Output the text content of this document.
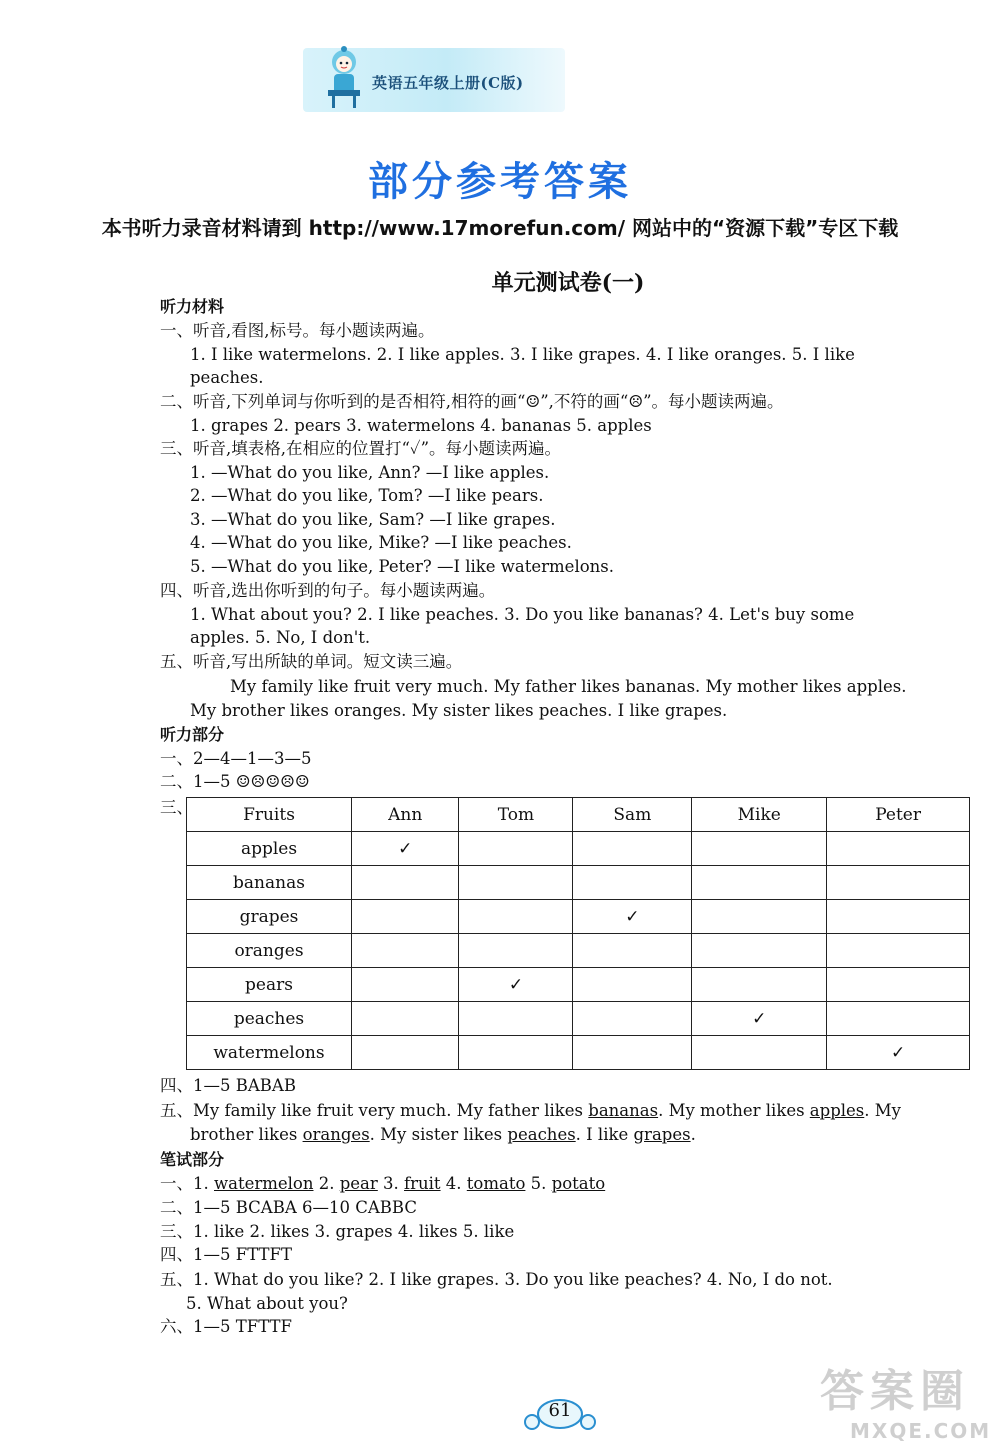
英语五年级上册(C版)
部分参考答案
本书听力录音材料请到 http://www.17morefun.com/ 网站中的“资源下载”专区下载
单元测试卷(一)
听力材料
一、听音,看图,标号。每小题读两遍。
1. I like watermelons. 2. I like apples. 3. I like grapes. 4. I like oranges. 5. I like
peaches.
二、听音,下列单词与你听到的是否相符,相符的画“☺”,不符的画“☹”。每小题读两遍。
1. grapes 2. pears 3. watermelons 4. bananas 5. apples
三、听音,填表格,在相应的位置打“✓”。每小题读两遍。
1. —What do you like, Ann? —I like apples.
2. —What do you like, Tom? —I like pears.
3. —What do you like, Sam? —I like grapes.
4. —What do you like, Mike? —I like peaches.
5. —What do you like, Peter? —I like watermelons.
四、听音,选出你听到的句子。每小题读两遍。
1. What about you? 2. I like peaches. 3. Do you like bananas? 4. Let's buy some
apples. 5. No, I don't.
五、听音,写出所缺的单词。短文读三遍。
My family like fruit very much. My father likes bananas. My mother likes apples.
My brother likes oranges. My sister likes peaches. I like grapes.
听力部分
一、2—4—1—3—5
二、1—5 ☺☹☺☹☺
三、	Fruits	Ann	Tom	Sam	Mike	Peter
apples	✓				
bananas					
grapes			✓		
oranges					
pears		✓			
peaches				✓	
watermelons					✓
四、1—5 BABAB
五、My family like fruit very much. My father likes bananas. My mother likes apples. My
brother likes oranges. My sister likes peaches. I like grapes.
笔试部分
一、1. watermelon 2. pear 3. fruit 4. tomato 5. potato
二、1—5 BCABA 6—10 CABBC
三、1. like 2. likes 3. grapes 4. likes 5. like
四、1—5 FTTFT
五、1. What do you like? 2. I like grapes. 3. Do you like peaches? 4. No, I do not.
5. What about you?
六、1—5 TFTTF
61	答案圈
MXQE.COM
